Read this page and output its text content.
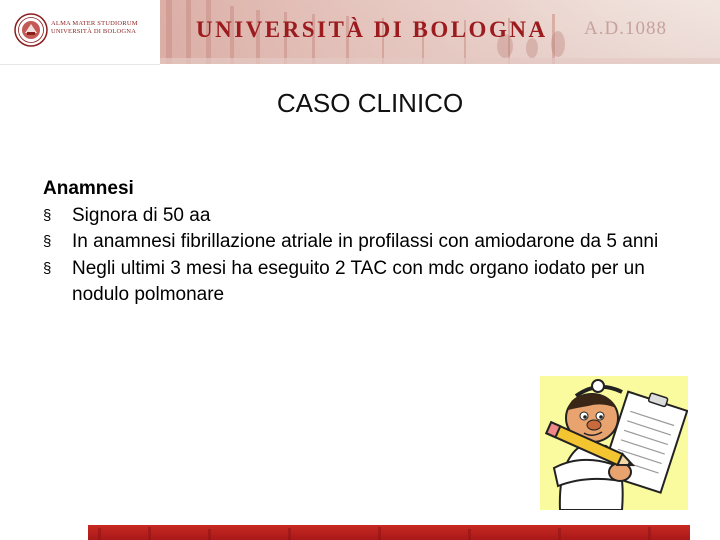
ALMA MATER STUDIORUM
UNIVERSITÀ DI BOLOGNA	UNIVERSITÀ DI BOLOGNA A.D.1088
CASO CLINICO
Anamnesi
§	Signora di 50 aa
§	In anamnesi fibrillazione atriale in profilassi con amiodarone da 5 anni
§	Negli ultimi 3 mesi ha eseguito 2 TAC con mdc organo iodato per un nodulo polmonare
